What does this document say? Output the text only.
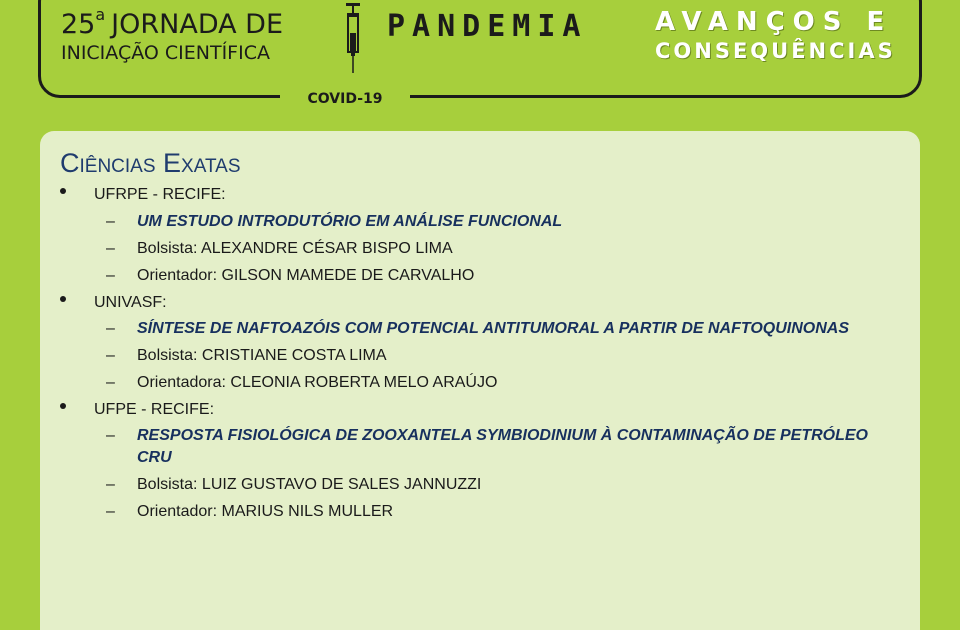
25 a JORNADA DE
INICIAÇÃO CIENTÍFICA
PANDEMIA	AVANÇOS E
CONSEQUÊNCIAS
COVID-19
Ciências Exatas
UFRPE - RECIFE:
– UM ESTUDO INTRODUTÓRIO EM ANÁLISE FUNCIONAL
– Bolsista: ALEXANDRE CÉSAR BISPO LIMA
– Orientador: GILSON MAMEDE DE CARVALHO
UNIVASF:
– SÍNTESE DE NAFTOAZÓIS COM POTENCIAL ANTITUMORAL A PARTIR DE NAFTOQUINONAS
– Bolsista: CRISTIANE COSTA LIMA
– Orientadora: CLEONIA ROBERTA MELO ARAÚJO
UFPE - RECIFE:
– RESPOSTA FISIOLÓGICA DE ZOOXANTELA SYMBIODINIUM À CONTAMINAÇÃO DE PETRÓLEO CRU
– Bolsista: LUIZ GUSTAVO DE SALES JANNUZZI
– Orientador: MARIUS NILS MULLER
